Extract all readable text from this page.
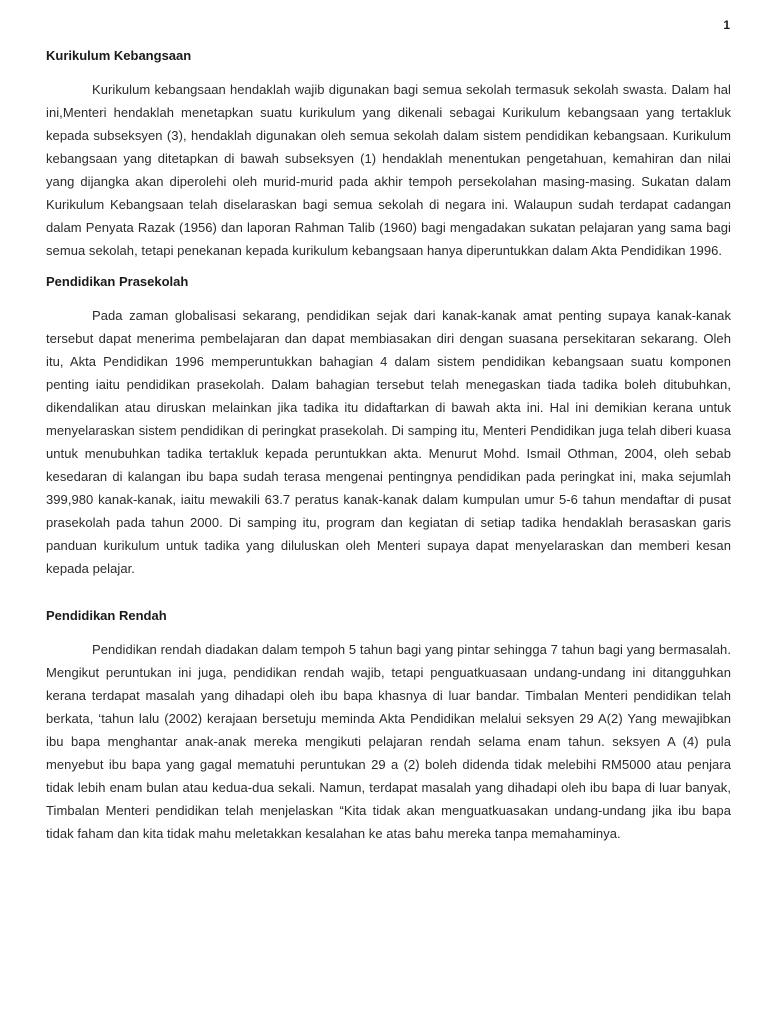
1
Kurikulum Kebangsaan

Kurikulum kebangsaan hendaklah wajib digunakan bagi semua sekolah termasuk sekolah swasta. Dalam hal ini,Menteri hendaklah menetapkan suatu kurikulum yang dikenali sebagai Kurikulum kebangsaan yang tertakluk kepada subseksyen (3), hendaklah digunakan oleh semua sekolah dalam sistem pendidikan kebangsaan. Kurikulum kebangsaan yang ditetapkan di bawah subseksyen (1) hendaklah menentukan pengetahuan, kemahiran dan nilai yang dijangka akan diperolehi oleh murid-murid pada akhir tempoh persekolahan masing-masing. Sukatan dalam Kurikulum Kebangsaan telah diselaraskan bagi semua sekolah di negara ini. Walaupun sudah terdapat cadangan dalam Penyata Razak (1956) dan laporan Rahman Talib (1960) bagi mengadakan sukatan pelajaran yang sama bagi semua sekolah, tetapi penekanan kepada kurikulum kebangsaan hanya diperuntukkan dalam Akta Pendidikan 1996.

Pendidikan Prasekolah

Pada zaman globalisasi sekarang, pendidikan sejak dari kanak-kanak amat penting supaya kanak-kanak tersebut dapat menerima pembelajaran dan dapat membiasakan diri dengan suasana persekitaran sekarang. Oleh itu, Akta Pendidikan 1996 memperuntukkan bahagian 4 dalam sistem pendidikan kebangsaan suatu komponen penting iaitu pendidikan prasekolah. Dalam bahagian tersebut telah menegaskan tiada tadika boleh ditubuhkan, dikendalikan atau diruskan melainkan jika tadika itu didaftarkan di bawah akta ini. Hal ini demikian kerana untuk menyelaraskan sistem pendidikan di peringkat prasekolah. Di samping itu, Menteri Pendidikan juga telah diberi kuasa untuk menubuhkan tadika tertakluk kepada peruntukkan akta. Menurut Mohd. Ismail Othman, 2004, oleh sebab kesedaran di kalangan ibu bapa sudah terasa mengenai pentingnya pendidikan pada peringkat ini, maka sejumlah 399,980 kanak-kanak, iaitu mewakili 63.7 peratus kanak-kanak dalam kumpulan umur 5-6 tahun mendaftar di pusat prasekolah pada tahun 2000. Di samping itu, program dan kegiatan di setiap tadika hendaklah berasaskan garis panduan kurikulum untuk tadika yang diluluskan oleh Menteri supaya dapat menyelaraskan dan memberi kesan kepada pelajar.

Pendidikan Rendah

Pendidikan rendah diadakan dalam tempoh 5 tahun bagi yang pintar sehingga 7 tahun bagi yang bermasalah. Mengikut peruntukan ini juga, pendidikan rendah wajib, tetapi penguatkuasaan undang-undang ini ditangguhkan kerana terdapat masalah yang dihadapi oleh ibu bapa khasnya di luar bandar. Timbalan Menteri pendidikan telah berkata, ‘tahun lalu (2002) kerajaan bersetuju meminda Akta Pendidikan melalui seksyen 29 A(2) Yang mewajibkan ibu bapa menghantar anak-anak mereka mengikuti pelajaran rendah selama enam tahun. seksyen A (4) pula menyebut ibu bapa yang gagal mematuhi peruntukan 29 a (2) boleh didenda tidak melebihi RM5000 atau penjara tidak lebih enam bulan atau kedua-dua sekali. Namun, terdapat masalah yang dihadapi oleh ibu bapa di luar banyak, Timbalan Menteri pendidikan telah menjelaskan “Kita tidak akan menguatkuasakan undang-undang jika ibu bapa tidak faham dan kita tidak mahu meletakkan kesalahan ke atas bahu mereka tanpa memahaminya.
